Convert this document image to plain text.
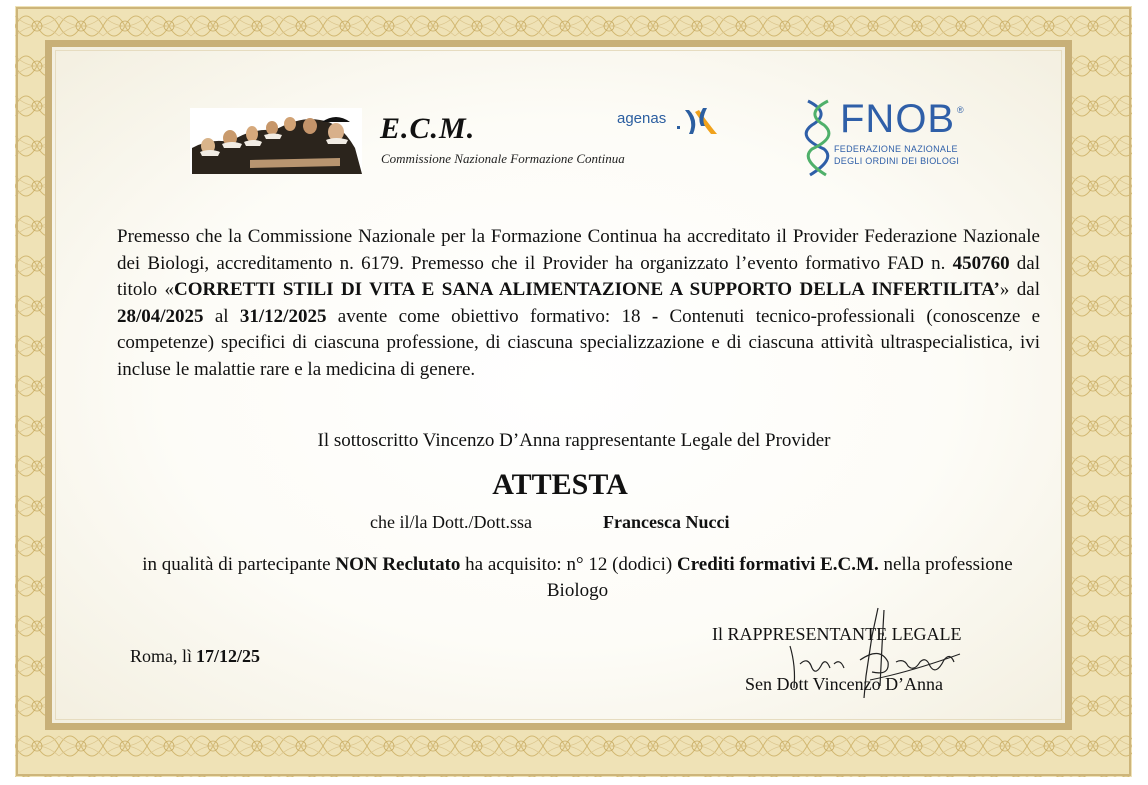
E.C.M.
Commissione Nazionale Formazione Continua
agenas	FNOB ®
FEDERAZIONE NAZIONALE
DEGLI ORDINI DEI BIOLOGI
Premesso che la Commissione Nazionale per la Formazione Continua ha accreditato il Provider Federazione Nazionale dei Biologi, accreditamento n. 6179. Premesso che il Provider ha organizzato l’evento formativo FAD n. 450760 dal titolo «CORRETTI STILI DI VITA E SANA ALIMENTAZIONE A SUPPORTO DELLA INFERTILITA’» dal 28/04/2025 al 31/12/2025 avente come obiettivo formativo: 18 - Contenuti tecnico-professionali (conoscenze e competenze) specifici di ciascuna professione, di ciascuna specializzazione e di ciascuna attività ultraspecialistica, ivi incluse le malattie rare e la medicina di genere.
Il sottoscritto Vincenzo D’Anna rappresentante Legale del Provider
ATTESTA
che il/la Dott./Dott.ssa	Francesca Nucci
in qualità di partecipante NON Reclutato ha acquisito: n° 12 (dodici) Crediti formativi E.C.M. nella professione Biologo
Roma, lì 17/12/25
Il RAPPRESENTANTE LEGALE
Sen Dott Vincenzo D’Anna
